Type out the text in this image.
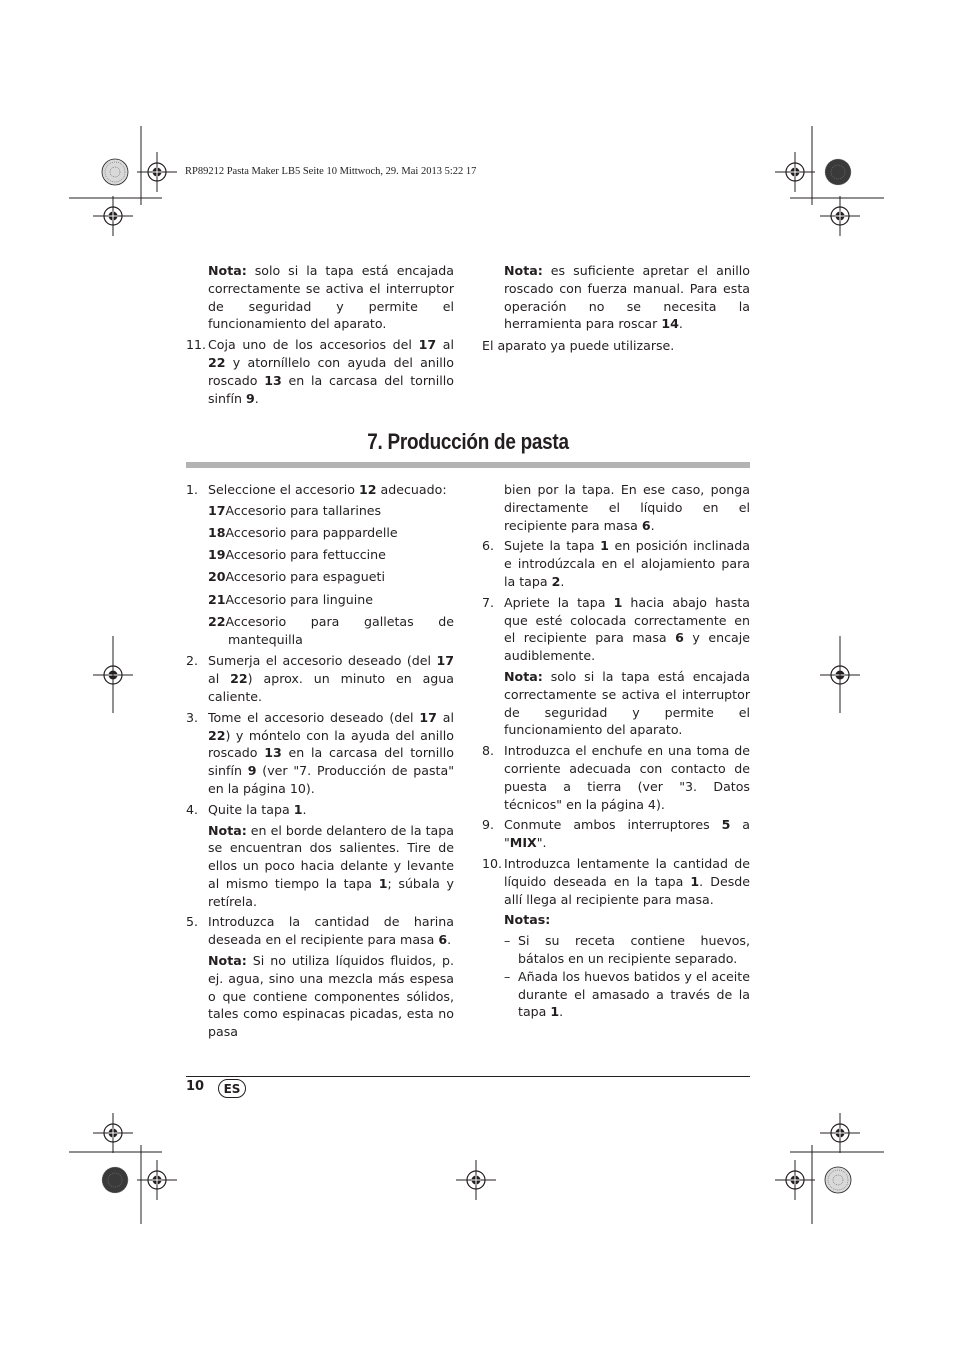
RP89212 Pasta Maker LB5 Seite 10 Mittwoch, 29. Mai 2013 5:22 17

Nota: solo si la tapa está encajada correctamente se activa el interruptor de seguridad y permite el funcionamiento del aparato.

11. Coja uno de los accesorios del 17 al 22 y atorníllelo con ayuda del anillo roscado 13 en la carcasa del tornillo sinfín 9.

Nota: es suficiente apretar el anillo roscado con fuerza manual. Para esta operación no se necesita la herramienta para roscar 14.

El aparato ya puede utilizarse.

7. Producción de pasta
1. Seleccione el accesorio 12 adecuado:
17 Accesorio para tallarines
18 Accesorio para pappardelle
19 Accesorio para fettuccine
20 Accesorio para espagueti
21 Accesorio para linguine
22 Accesorio para galletas de
mantequilla
2. Sumerja el accesorio deseado (del 17 al 22) aprox. un minuto en agua caliente.
3. Tome el accesorio deseado (del 17 al 22) y móntelo con la ayuda del anillo roscado 13 en la carcasa del tornillo sinfín 9 (ver "7. Producción de pasta" en la página 10).
4. Quite la tapa 1.

Nota: en el borde delantero de la tapa se encuentran dos salientes. Tire de ellos un poco hacia delante y levante al mismo tiempo la tapa 1; súbala y retírela.

5. Introduzca la cantidad de harina deseada en el recipiente para masa 6.

Nota: Si no utiliza líquidos fluidos, p. ej. agua, sino una mezcla más espesa o que contiene componentes sólidos, tales como espinacas picadas, esta no pasa

bien por la tapa. En ese caso, ponga directamente el líquido en el recipiente para masa 6.

6. Sujete la tapa 1 en posición inclinada e introdúzcala en el alojamiento para la tapa 2.
7. Apriete la tapa 1 hacia abajo hasta que esté colocada correctamente en el recipiente para masa 6 y encaje audiblemente.

Nota: solo si la tapa está encajada correctamente se activa el interruptor de seguridad y permite el funcionamiento del aparato.

8. Introduzca el enchufe en una toma de corriente adecuada con contacto de puesta a tierra (ver "3. Datos técnicos" en la página 4).
9. Conmute ambos interruptores 5 a "MIX".
10. Introduzca lentamente la cantidad de líquido deseada en la tapa 1. Desde allí llega al recipiente para masa.

Notas:

– Si su receta contiene huevos, bátalos en un recipiente separado.
– Añada los huevos batidos y el aceite durante el amasado a través de la tapa 1.
10	ES
